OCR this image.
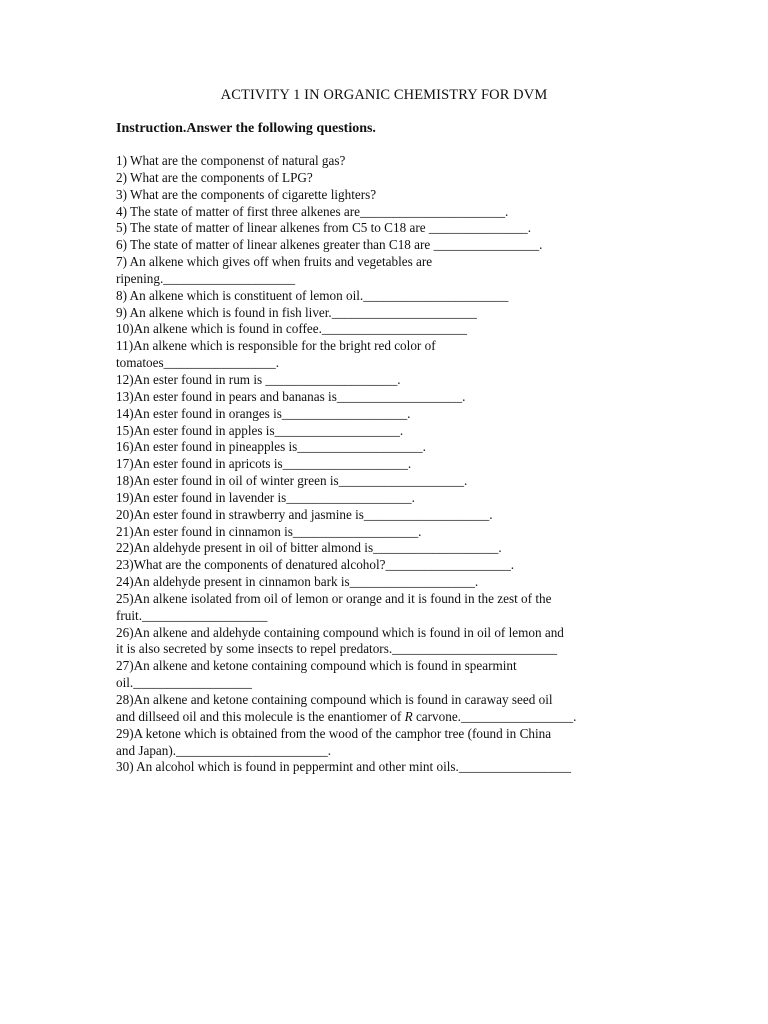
ACTIVITY 1 IN ORGANIC CHEMISTRY FOR DVM
Instruction.Answer the following questions.
1) What are the componenst of natural gas?
2) What are the components of LPG?
3) What are the components of cigarette lighters?
4) The state of matter of first three alkenes are______________________.
5) The state of matter of linear alkenes from C5 to C18 are _______________.
6) The state of matter of linear alkenes greater than C18 are ________________.
7) An alkene which gives off when fruits and vegetables are
ripening.____________________
8) An alkene which is constituent of lemon oil.______________________
9) An alkene which is found in fish liver.______________________
10)An alkene which is found in coffee.______________________
11)An alkene which is responsible for the bright red color of
tomatoes_________________.
12)An ester found in rum is ____________________.
13)An ester found in pears and bananas is___________________.
14)An ester found in oranges is___________________.
15)An ester found in apples is___________________.
16)An ester found in pineapples is___________________.
17)An ester found in apricots is___________________.
18)An ester found in oil of winter green is___________________.
19)An ester found in lavender is___________________.
20)An ester found in strawberry and jasmine is___________________.
21)An ester found in cinnamon is___________________.
22)An aldehyde present in oil of bitter almond is___________________.
23)What are the components of denatured alcohol?___________________.
24)An aldehyde present in cinnamon bark is___________________.
25)An alkene isolated from oil of lemon or orange and it is found in the zest of the
fruit.___________________
26)An alkene and aldehyde containing compound which is found in oil of lemon and
it is also secreted by some insects to repel predators._________________________
27)An alkene and ketone containing compound which is found in spearmint
oil.__________________
28)An alkene and ketone containing compound which is found in caraway seed oil
and dillseed oil and this molecule is the enantiomer of R carvone._________________.
29)A ketone which is obtained from the wood of the camphor tree (found in China
and Japan)._______________________.
30) An alcohol which is found in peppermint and other mint oils._________________
